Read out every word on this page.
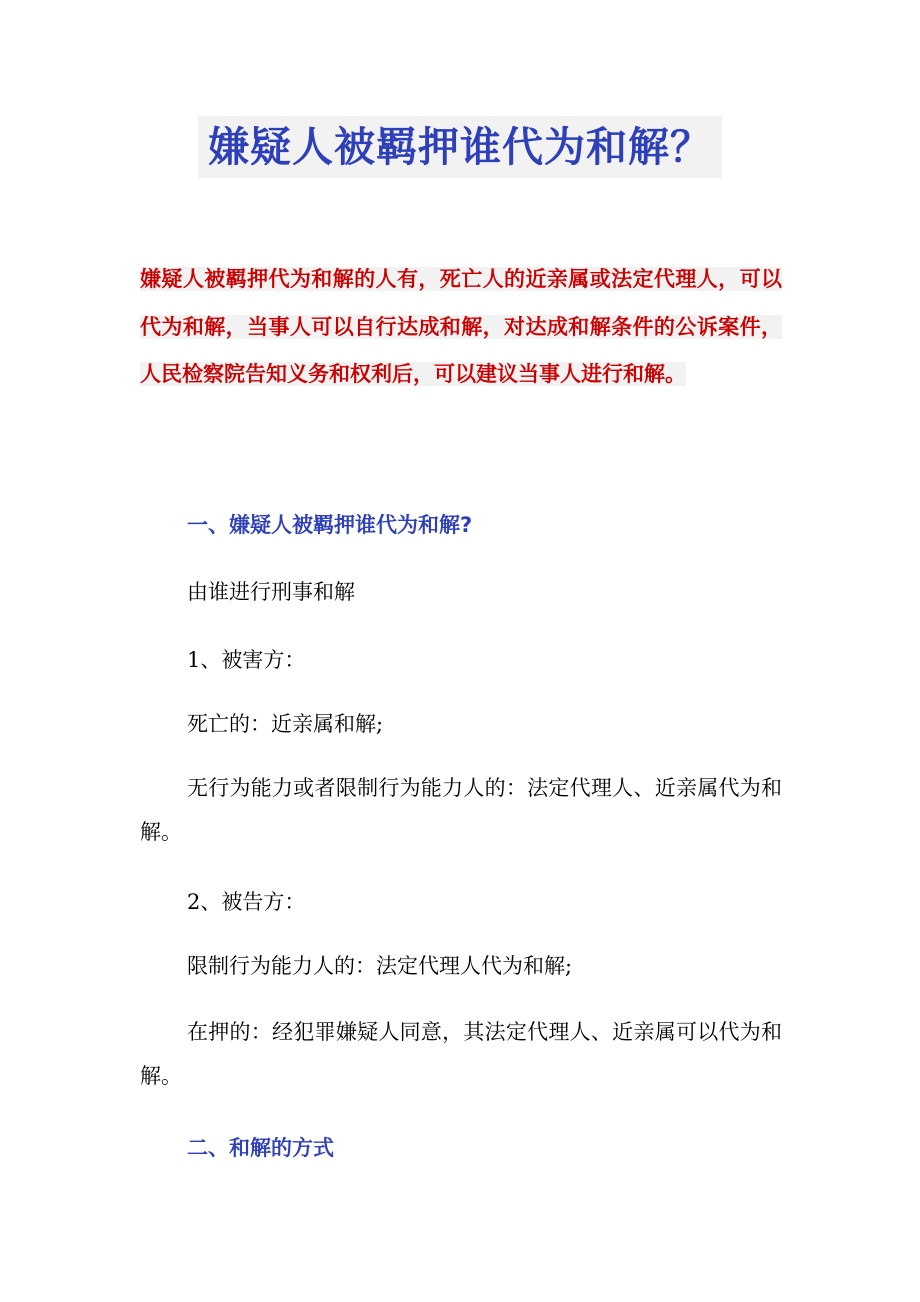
嫌疑人被羁押谁代为和解？

嫌疑人被羁押代为和解的人有，死亡人的近亲属或法定代理人，可以代为和解，当事人可以自行达成和解，对达成和解条件的公诉案件，人民检察院告知义务和权利后，可以建议当事人进行和解。

一、嫌疑人被羁押谁代为和解?

由谁进行刑事和解

1、被害方：

死亡的：近亲属和解;

无行为能力或者限制行为能力人的：法定代理人、近亲属代为和解。

2、被告方：

限制行为能力人的：法定代理人代为和解;

在押的：经犯罪嫌疑人同意，其法定代理人、近亲属可以代为和解。

二、和解的方式
